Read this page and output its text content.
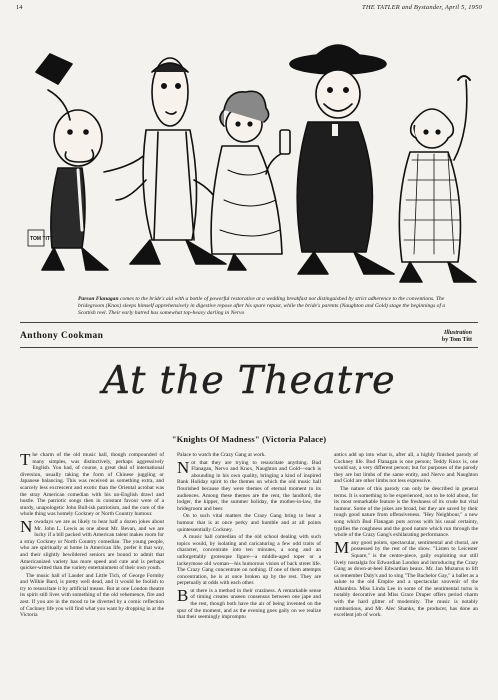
14	THE TATLER and Bystander, April 5, 1950
TOM TITT
Parson Flanagan comes to the bride's aid with a bottle of powerful restorative at a wedding breakfast not distinguished by strict adherence to the conventions. The bridegroom (Knox) sleeps himself apprehensively in digestive repose after his spare repast, while the bride's parents (Naughton and Gold) stage the beginnings of a Scottish reel. Their early hatred has somewhat top-heavy darling in Nervo
Anthony Cookman	Illustration
by Tom Titt
At the Theatre
"Knights Of Madness" (Victoria Palace)

The charm of the old music hall, though compounded of many simples, was distinctively, perhaps aggressively English. You had, of course, a great deal of international diversion, usually taking the form of Chinese juggling or Japanese balancing. This was received as something extra, and scarcely less excrescent and exotic than the Oriental acrobat was the stray American comedian with his un-English drawl and hustle. The patriotic songs then in constant favour were of a sturdy, unapologetic John Bull-ish patriotism, and the core of the whole thing was homely Cockney or North Country humour.

Nowadays we are as likely to hear half a dozen jokes about Mr. John L. Lewis as one about Mr. Bevan, and we are lucky if a bill packed with American talent makes room for a stray Cockney or North Country comedian. The young people, who are spiritually at home in American life, prefer it that way, and their slightly bewildered seniors are bound to admit that Americanized variety has more speed and cute and is perhaps quicker-witted than the variety entertainment of their own youth.

The music hall of Lauder and Little Tich, of George Formby and Wilkie Bard, is pretty well dead, and it would be foolish to try to resuscitate it by artificial means. But at one London theatre its spirit still lives with something of the old vehemence, fire and zest. If you are in the mood to be diverted by a comic reflection of Cockney life you will find what you want by dropping in at the Victoria

Palace to watch the Crazy Gang at work.

Not that they are trying to resuscitate anything. Bud Flanagan, Nervo and Knox, Naughton and Gold—each is abounding in his own quality, bringing a kind of inspired Bank Holiday spirit to the themes on which the old music hall flourished because they were themes of eternal moment to its audiences. Among these themes are the rent, the landlord, the lodger, the kipper, the summer holiday, the mother-in-law, the bridegroom and beer.

On to such vital matters the Crazy Gang bring to bear a humour that is at once perky and humble and at all points quintessentially Cockney.

A music hall comedian of the old school dealing with such topics would, by isolating and caricaturing a few odd traits of character, concentrate into ten minutes, a song and an unforgettably grotesque figure—a middle-aged toper or a lackeymose old woman—his humorous vision of back street life. The Crazy Gang concentrate on nothing. If one of them attempts concentration, he is at once broken up by the rest. They are perpetually at odds with each other.

But there is a method in their craziness. A remarkable sense of timing creates unseen consensus between one jape and the rest, though both have the air of being invented on the spur of the moment, and as the evening goes gaily on we realize that their seemingly impromptu

antics add up into what is, after all, a highly finished parody of Cockney life. Bud Flanagan is one person; Teddy Knox is, one would say, a very different person; but for purposes of the parody they are but limbs of the same entity, and Nervo and Naughton and Gold are other limbs not less expressive.

The nature of this parody can only be described in general terms. It is something to be experienced, not to be told about, for its most remarkable feature is the freshness of its crude but vital humour. Some of the jokes are broad, but they are saved by their rough good nature from offensiveness. "Hey Neighbour," a new song which Bud Flanagan puts across with his usual certainty, typifies the roughness and the good nature which run through the whole of the Crazy Gang's exhilarating performance.

Many good points, spectacular, sentimental and choral, are possessed by the rest of the show. "Listen to Leicester Square," is the centre-piece, gaily exploiting our still lively nostalgia for Edwardian London and introducing the Crazy Gang as down-at-heel Edwardian beaux. Mr. Jan Muzurus to lift us remember Daly's and to sing "The Bachelor Gay," a ballet as a salute to the old Empire and a spectacular souvenir of the Alhambra. Miss Linda Lee in some of the sentimental turns is notably decorative and Miss Grace Draper offers period charm with the hard glitter of modernity. The music is notably rumbustious, and Mr. Alec Shanks, the producer, has done an excellent job of work.
